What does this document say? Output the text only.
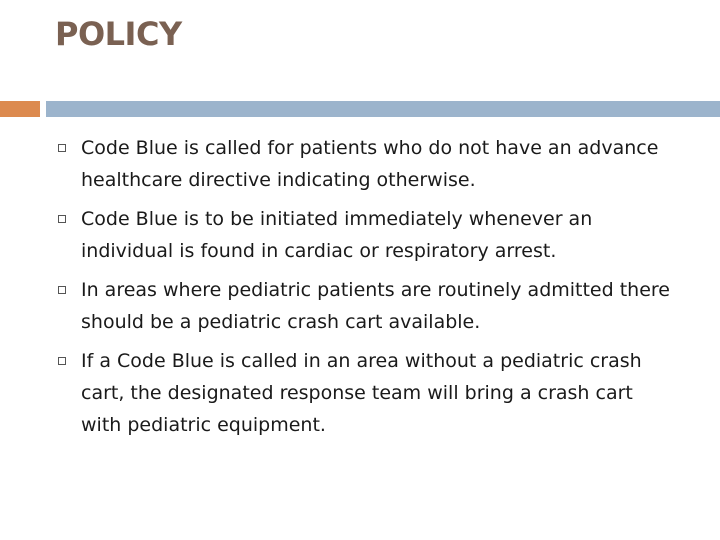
POLICY
Code Blue is called for patients who do not have an advance healthcare directive indicating otherwise.
Code Blue is to be initiated immediately whenever an individual is found in cardiac or respiratory arrest.
In areas where pediatric patients are routinely admitted there should be a pediatric crash cart available.
If a Code Blue is called in an area without a pediatric crash cart, the designated response team will bring a crash cart with pediatric equipment.
